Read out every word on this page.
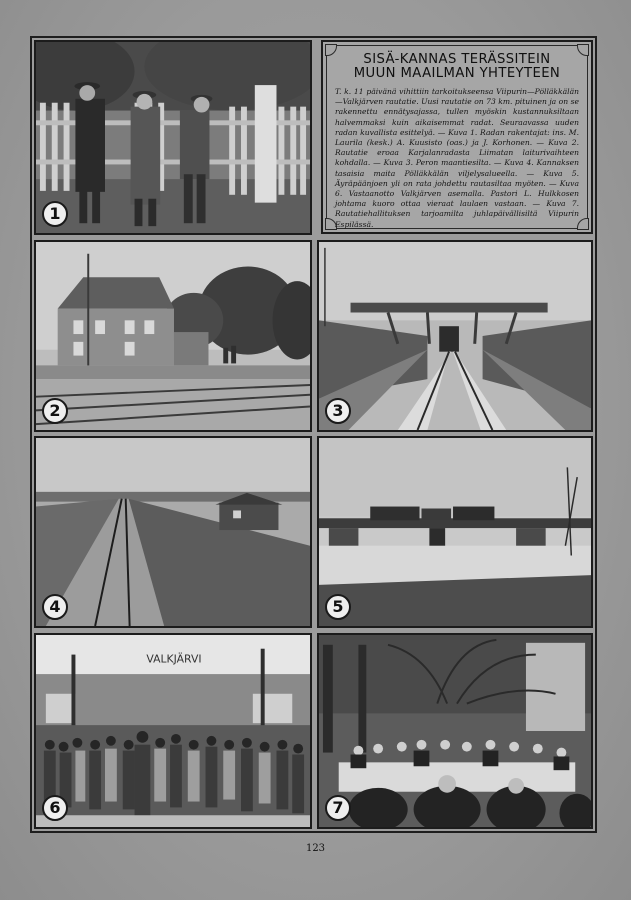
1
SISÄ-KANNAS TERÄSSITEIN
MUUN MAAILMAN YHTEYTEEN
T. k. 11 päivänä vihittiin tarkoitukseensa Viipurin—Pölläkkälän—Valkjärven rautatie. Uusi rautatie on 73 km. pituinen ja on se rakennettu ennätysajassa, tullen myöskin kustannuksiltaan halvemmaksi kuin aikaisemmat radat. Seuraavassa uuden radan kuvallista esittelyä. — Kuva 1. Radan rakentajat: ins. M. Laurila (kesk.) A. Kuusisto (oas.) ja J. Korhonen. — Kuva 2. Rautatie eroaa Karjalanradasta Liimatan laiturivaihteen kohdalla. — Kuva 3. Peron maantiesilta. — Kuva 4. Kannaksen tasaisia maita Pölläkkälän viljelysalueella. — Kuva 5. Äyräpäänjoen yli on rata johdettu rautasiltaa myöten. — Kuva 6. Vastaanotto Valkjärven asemalla. Pastori L. Hulkkosen johtama kuoro ottaa vieraat laulaen vastaan. — Kuva 7. Rautatiehallituksen tarjoamilta juhlapäivällisiltä Viipurin Espilässä.
2	3
4	5
VALKJÄRVI
6	7
123
